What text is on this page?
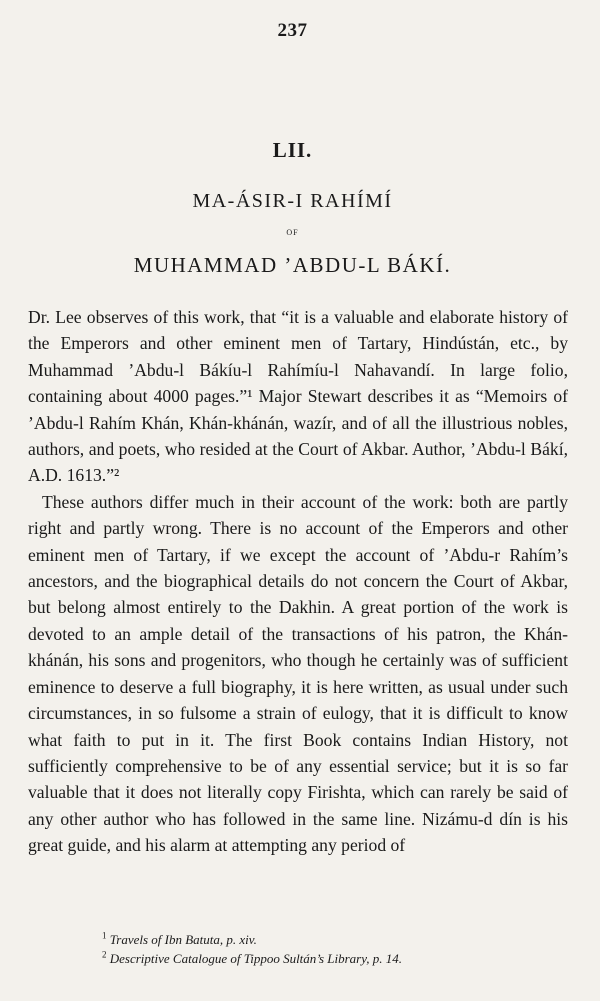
237
LII.
MA-ÁSIR-I RAHÍMÍ
OF
MUHAMMAD ʼABDU-L BÁKÍ.

Dr. Lee observes of this work, that “it is a valuable and elaborate history of the Emperors and other eminent men of Tartary, Hindústán, etc., by Muhammad ʼAbdu-l Bákíu-l Rahímíu-l Nahavandí. In large folio, containing about 4000 pages.”¹ Major Stewart describes it as “Memoirs of ʼAbdu-l Rahím Khán, Khán-khánán, wazír, and of all the illustrious nobles, authors, and poets, who resided at the Court of Akbar. Author, ʼAbdu-l Bákí, A.D. 1613.”²

These authors differ much in their account of the work: both are partly right and partly wrong. There is no account of the Emperors and other eminent men of Tartary, if we except the account of ʼAbdu-r Rahím’s ancestors, and the biographical details do not concern the Court of Akbar, but belong almost entirely to the Dakhin. A great portion of the work is devoted to an ample detail of the transactions of his patron, the Khán-khánán, his sons and progenitors, who though he certainly was of sufficient eminence to deserve a full biography, it is here written, as usual under such circumstances, in so fulsome a strain of eulogy, that it is difficult to know what faith to put in it. The first Book contains Indian History, not sufficiently comprehensive to be of any essential service; but it is so far valuable that it does not literally copy Firishta, which can rarely be said of any other author who has followed in the same line. Nizámu-d dín is his great guide, and his alarm at attempting any period of

$^1$ Travels of Ibn Batuta, p. xiv.

$^2$ Descriptive Catalogue of Tippoo Sultán’s Library, p. 14.
